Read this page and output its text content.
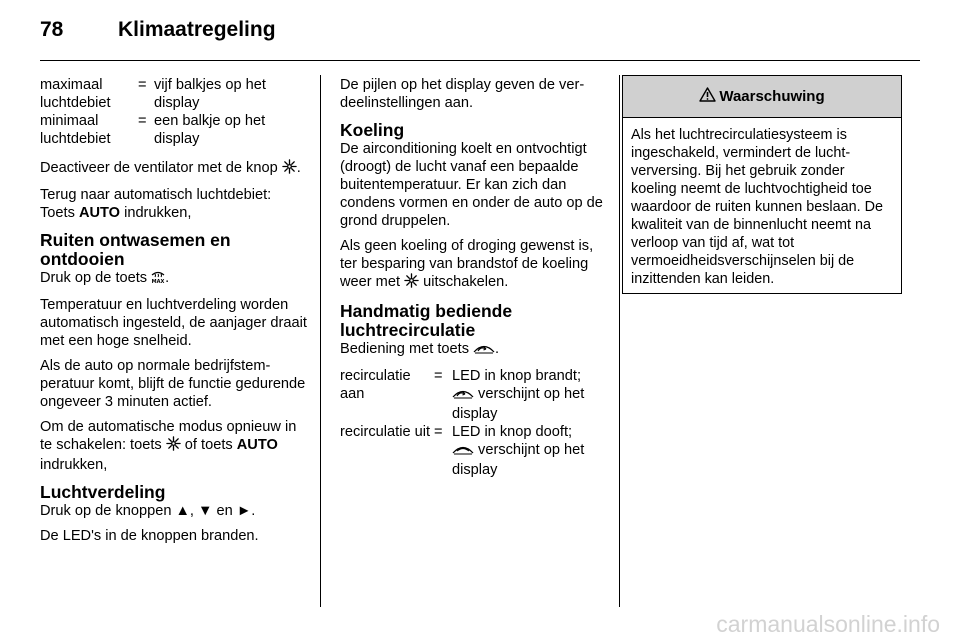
78	Klimaatregeling
maximaal luchtdebiet	=	vijf balkjes op het display
minimaal luchtdebiet	=	een balkje op het display

Deactiveer de ventilator met de knop .

Terug naar automatisch luchtdebiet: Toets AUTO indrukken,

Ruiten ontwasemen en ontdooien

Druk op de toets MAX .

Temperatuur en luchtverdeling worden automatisch ingesteld, de aanjager draait met een hoge snelheid.

Als de auto op normale bedrijfstemperatuur komt, blijft de functie gedurende ongeveer 3 minuten actief.

Om de automatische modus opnieuw in te schakelen: toets  of toets AUTO indrukken,

Luchtverdeling

Druk op de knoppen ▲, ▼ en ►.

De LED's in de knoppen branden.

De pijlen op het display geven de verdeelinstellingen aan.

Koeling

De airconditioning koelt en ontvochtigt (droogt) de lucht vanaf een bepaalde buitentemperatuur. Er kan zich dan condens vormen en onder de auto op de grond druppelen.

Als geen koeling of droging gewenst is, ter besparing van brandstof de koeling weer met  uitschakelen.

Handmatig bediende luchtrecirculatie

Bediening met toets .

recirculatie aan	=	LED in knop brandt;
verschijnt op het display
recirculatie uit	=	LED in knop dooft;
verschijnt op het display
Waarschuwing
Als het luchtrecirculatiesysteem is ingeschakeld, vermindert de luchtverversing. Bij het gebruik zonder koeling neemt de luchtvochtigheid toe waardoor de ruiten kunnen beslaan. De kwaliteit van de binnenlucht neemt na verloop van tijd af, wat tot vermoeidheidsverschijnselen bij de inzittenden kan leiden.
carmanualsonline.info
